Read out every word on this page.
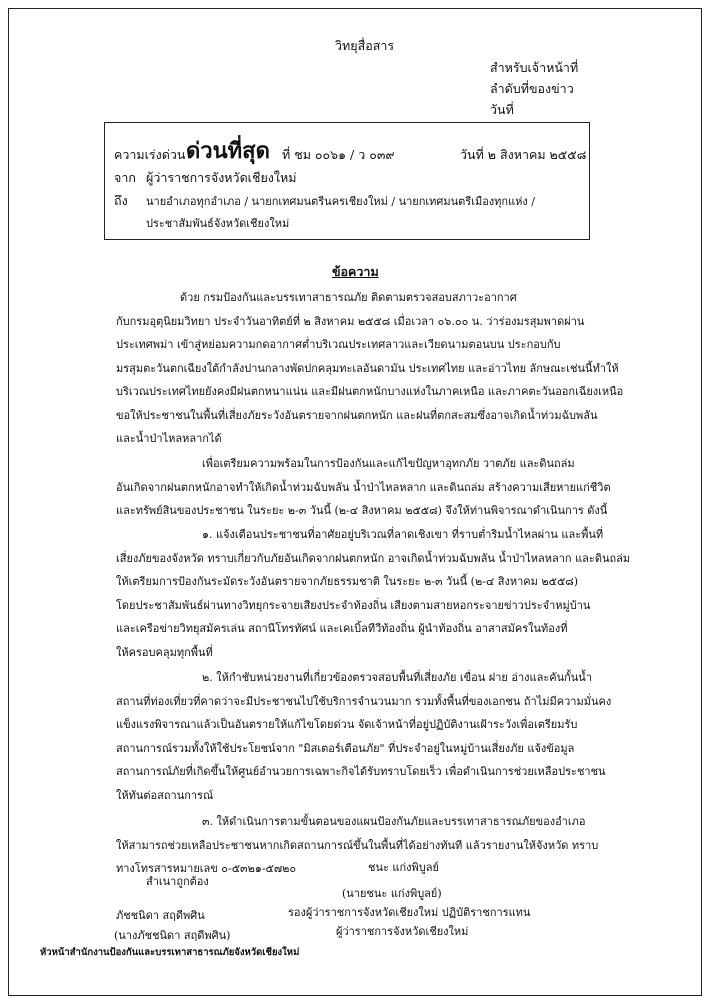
วิทยุสื่อสาร
สำหรับเจ้าหน้าที่
ลำดับที่ของข่าว
วันที่
ความเร่งด่วน ด่วนที่สุด ที่ ชม ๐๐๖๑ / ว ๐๓๙	วันที่ ๒ สิงหาคม ๒๕๕๘
จาก ผู้ว่าราชการจังหวัดเชียงใหม่
ถึง นายอำเภอทุกอำเภอ / นายกเทศมนตรีนครเชียงใหม่ / นายกเทศมนตรีเมืองทุกแห่ง /
ประชาสัมพันธ์จังหวัดเชียงใหม่
ข้อความ
ด้วย กรมป้องกันและบรรเทาสาธารณภัย ติดตามตรวจสอบสภาวะอากาศ
กับกรมอุตุนิยมวิทยา ประจำวันอาทิตย์ที่ ๒ สิงหาคม ๒๕๕๘ เมื่อเวลา ๐๖.๐๐ น. ว่าร่องมรสุมพาดผ่าน
ประเทศพม่า เข้าสู่หย่อมความกดอากาศต่ำบริเวณประเทศลาวและเวียดนามตอนบน ประกอบกับ
มรสุมตะวันตกเฉียงใต้กำลังปานกลางพัดปกคลุมทะเลอันดามัน ประเทศไทย และอ่าวไทย ลักษณะเช่นนี้ทำให้
บริเวณประเทศไทยยังคงมีฝนตกหนาแน่น และมีฝนตกหนักบางแห่งในภาคเหนือ และภาคตะวันออกเฉียงเหนือ
ขอให้ประชาชนในพื้นที่เสี่ยงภัยระวังอันตรายจากฝนตกหนัก และฝนที่ตกสะสมซึ่งอาจเกิดน้ำท่วมฉับพลัน
และน้ำป่าไหลหลากได้
เพื่อเตรียมความพร้อมในการป้องกันและแก้ไขปัญหาอุทกภัย วาตภัย และดินถล่ม
อันเกิดจากฝนตกหนักอาจทำให้เกิดน้ำท่วมฉับพลัน น้ำป่าไหลหลาก และดินถล่ม สร้างความเสียหายแก่ชีวิต
และทรัพย์สินของประชาชน ในระยะ ๒-๓ วันนี้ (๒-๔ สิงหาคม ๒๕๕๘) จึงให้ท่านพิจารณาดำเนินการ ดังนี้
๑. แจ้งเตือนประชาชนที่อาศัยอยู่บริเวณที่ลาดเชิงเขา ที่ราบต่ำริมน้ำไหลผ่าน และพื้นที่
เสี่ยงภัยของจังหวัด ทราบเกี่ยวกับภัยอันเกิดจากฝนตกหนัก อาจเกิดน้ำท่วมฉับพลัน น้ำป่าไหลหลาก และดินถล่ม
ให้เตรียมการป้องกันระมัดระวังอันตรายจากภัยธรรมชาติ ในระยะ ๒-๓ วันนี้ (๒-๔ สิงหาคม ๒๕๕๘)
โดยประชาสัมพันธ์ผ่านทางวิทยุกระจายเสียงประจำท้องถิ่น เสียงตามสายหอกระจายข่าวประจำหมู่บ้าน
และเครือข่ายวิทยุสมัครเล่น สถานีโทรทัศน์ และเคเบิ้ลทีวีท้องถิ่น ผู้นำท้องถิ่น อาสาสมัครในท้องที่
ให้ครอบคลุมทุกพื้นที่
๒. ให้กำชับหน่วยงานที่เกี่ยวข้องตรวจสอบพื้นที่เสี่ยงภัย เขื่อน ฝาย อ่างและคันกั้นน้ำ
สถานที่ท่องเที่ยวที่คาดว่าจะมีประชาชนไปใช้บริการจำนวนมาก รวมทั้งพื้นที่ของเอกชน ถ้าไม่มีความมั่นคง
แข็งแรงพิจารณาแล้วเป็นอันตรายให้แก้ไขโดยด่วน จัดเจ้าหน้าที่อยู่ปฏิบัติงานเฝ้าระวังเพื่อเตรียมรับ
สถานการณ์รวมทั้งให้ใช้ประโยชน์จาก "มิสเตอร์เตือนภัย" ที่ประจำอยู่ในหมู่บ้านเสี่ยงภัย แจ้งข้อมูล
สถานการณ์ภัยที่เกิดขึ้นให้ศูนย์อำนวยการเฉพาะกิจได้รับทราบโดยเร็ว เพื่อดำเนินการช่วยเหลือประชาชน
ให้ทันต่อสถานการณ์
๓. ให้ดำเนินการตามขั้นตอนของแผนป้องกันภัยและบรรเทาสาธารณภัยของอำเภอ
ให้สามารถช่วยเหลือประชาชนหากเกิดสถานการณ์ขึ้นในพื้นที่ได้อย่างทันที แล้วรายงานให้จังหวัด ทราบ
ทางโทรสารหมายเลข ๐-๕๓๒๑-๕๗๒๐	ชนะ แก่งพิบูลย์
(นายชนะ แก่งพิบูลย์)
รองผู้ว่าราชการจังหวัดเชียงใหม่ ปฏิบัติราชการแทน
ผู้ว่าราชการจังหวัดเชียงใหม่
สำเนาถูกต้อง
ภัชชนิดา สฤดีพศิน
(นางภัชชนิดา สฤดีพศิน)
หัวหน้าสำนักงานป้องกันและบรรเทาสาธารณภัยจังหวัดเชียงใหม่
